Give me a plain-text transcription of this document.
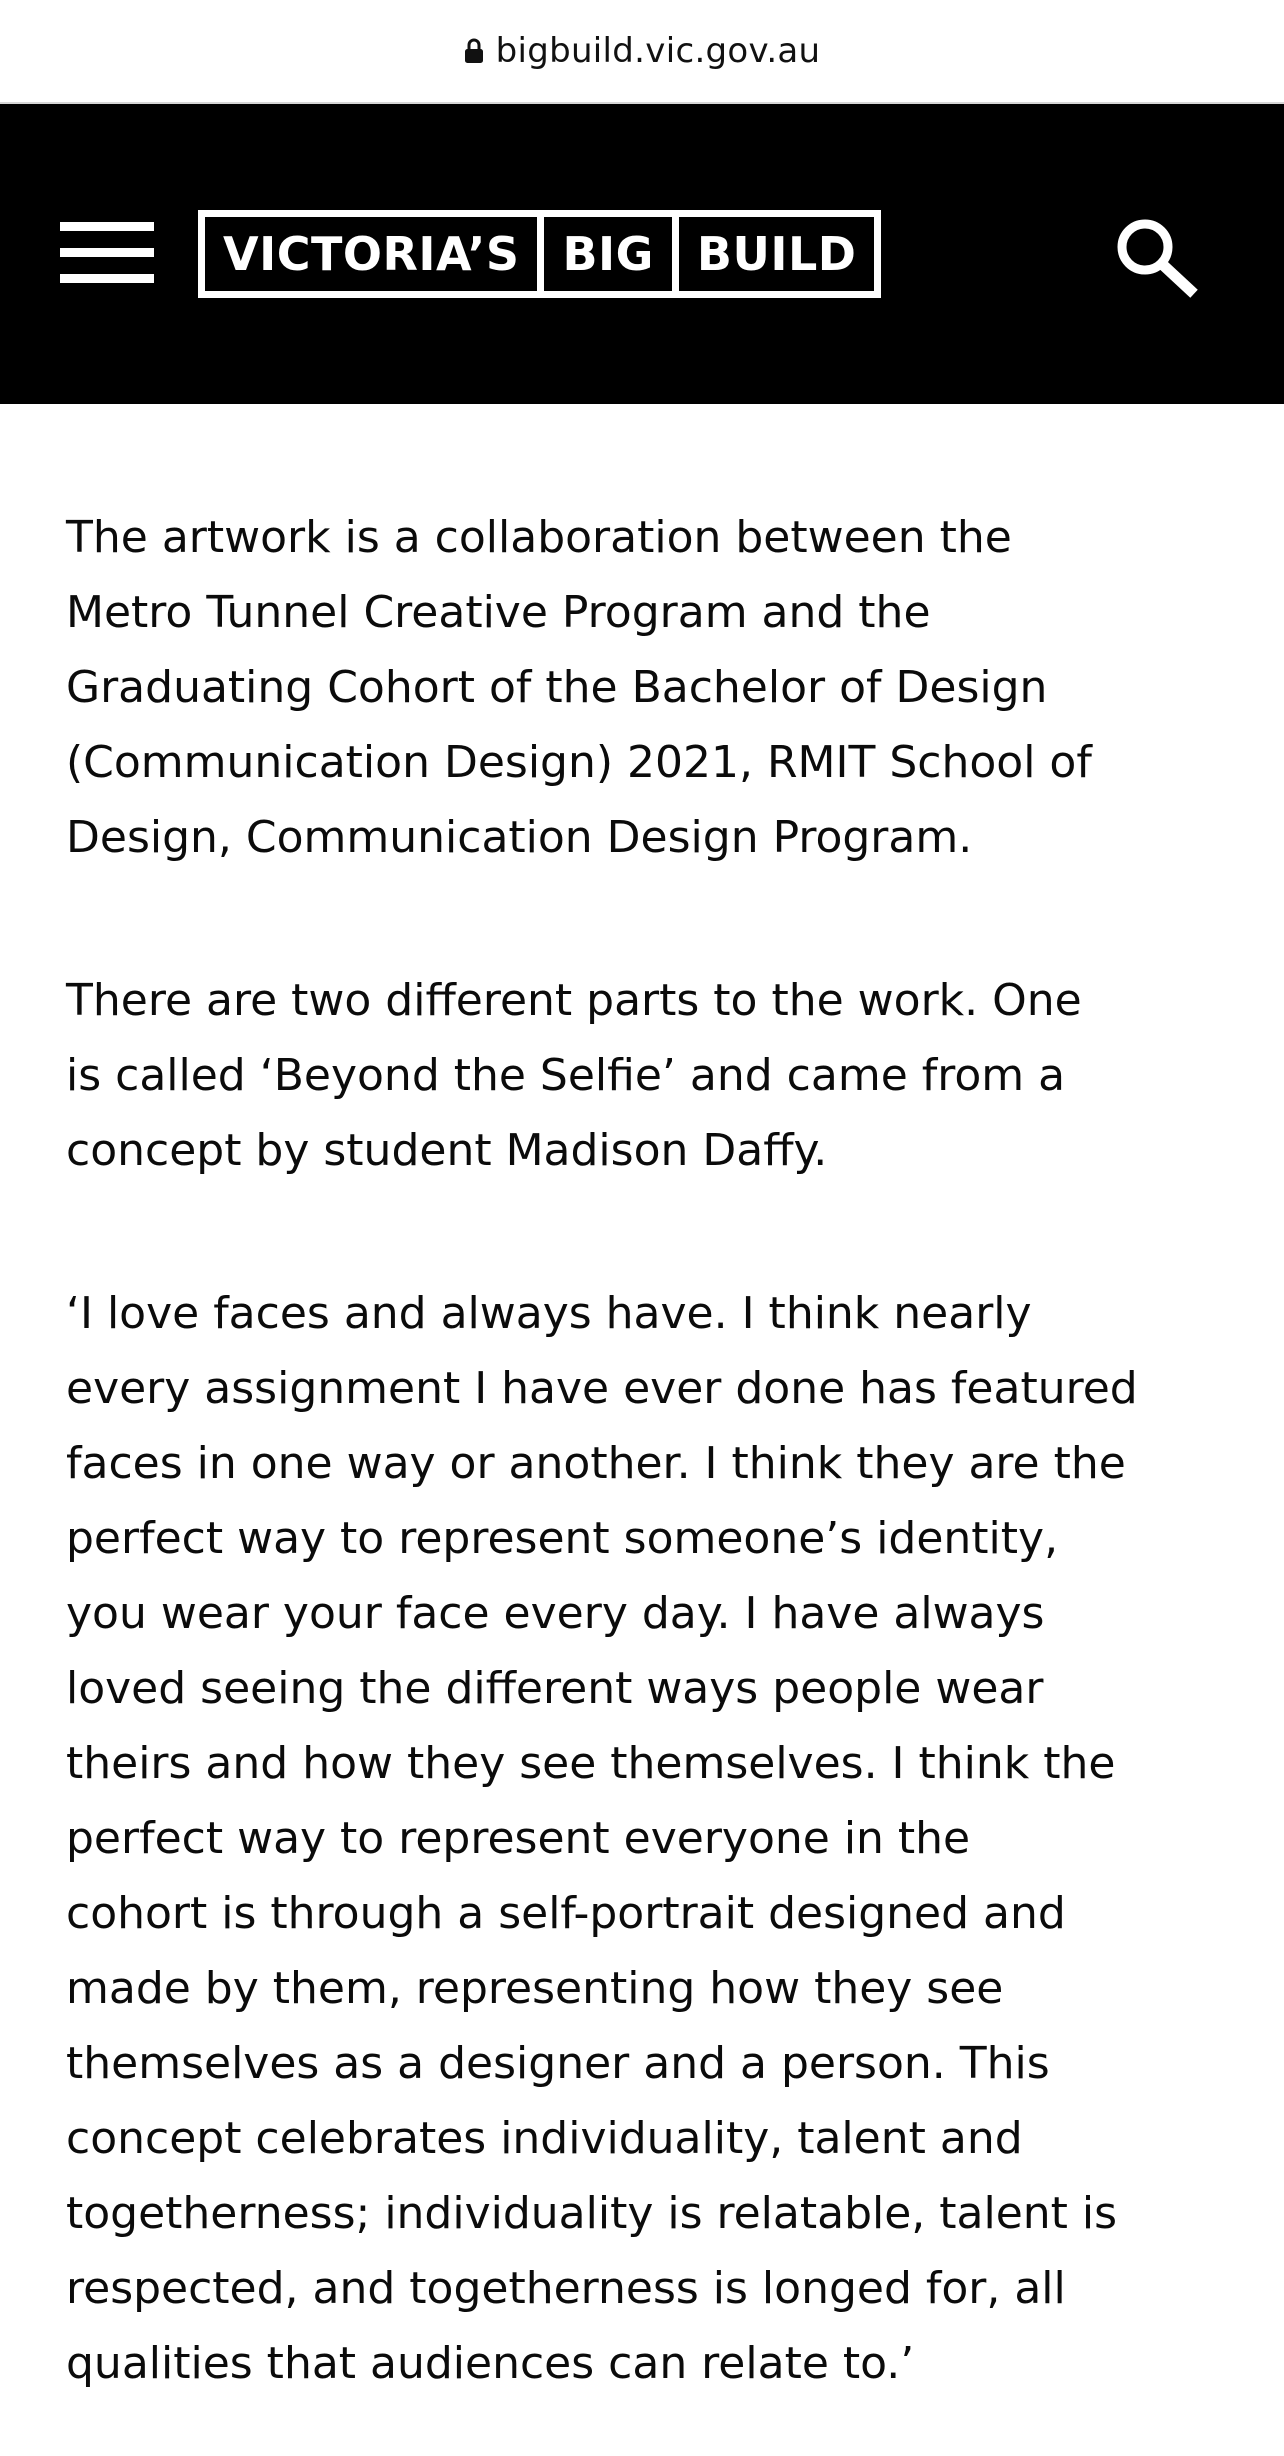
bigbuild.vic.gov.au
VICTORIA’S BIG BUILD

The artwork is a collaboration between the
Metro Tunnel Creative Program and the
Graduating Cohort of the Bachelor of Design
(Communication Design) 2021, RMIT School of
Design, Communication Design Program.

There are two different parts to the work. One
is called ‘Beyond the Selfie’ and came from a
concept by student Madison Daffy.

‘I love faces and always have. I think nearly
every assignment I have ever done has featured
faces in one way or another. I think they are the
perfect way to represent someone’s identity,
you wear your face every day. I have always
loved seeing the different ways people wear
theirs and how they see themselves. I think the
perfect way to represent everyone in the
cohort is through a self-portrait designed and
made by them, representing how they see
themselves as a designer and a person. This
concept celebrates individuality, talent and
togetherness; individuality is relatable, talent is
respected, and togetherness is longed for, all
qualities that audiences can relate to.’
